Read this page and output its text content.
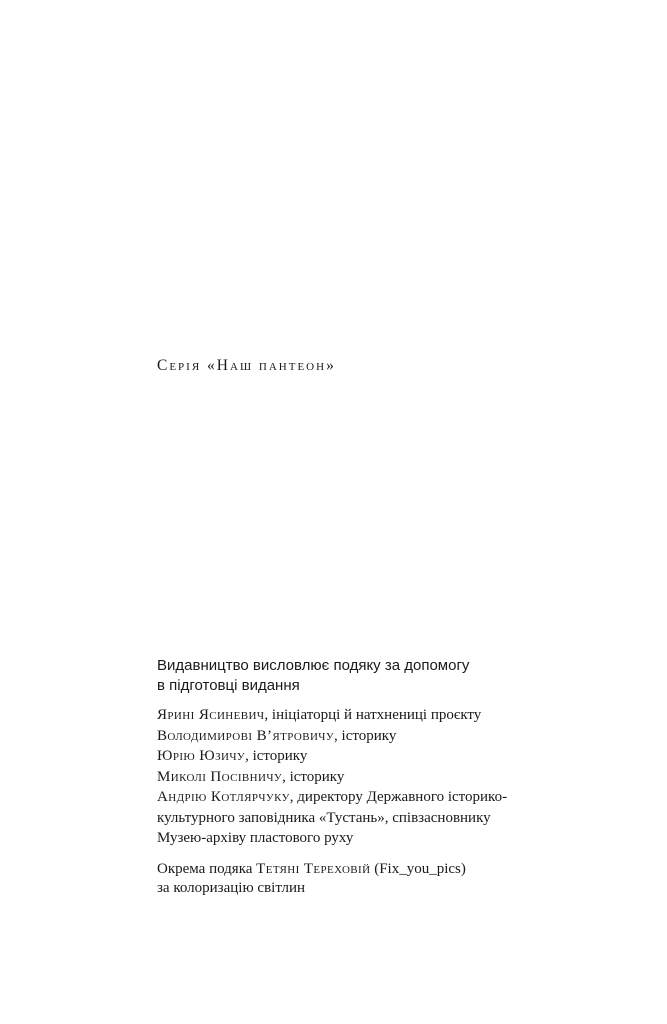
Серія «Наш пантеон»
Видавництво висловлює подяку за допомогу
в підготовці видання
Ярині Ясиневич, ініціаторці й натхнениці проєкту
Володимирові В’ятровичу, історику
Юрію Юзичу, історику
Миколі Посівничу, історику
Андрію Котлярчуку, директору Державного історико-
культурного заповідника «Тустань», співзасновнику
Музею-архіву пластового руху
Окрема подяка Тетяні Тереховій (Fix_you_pics)
за колоризацію світлин
